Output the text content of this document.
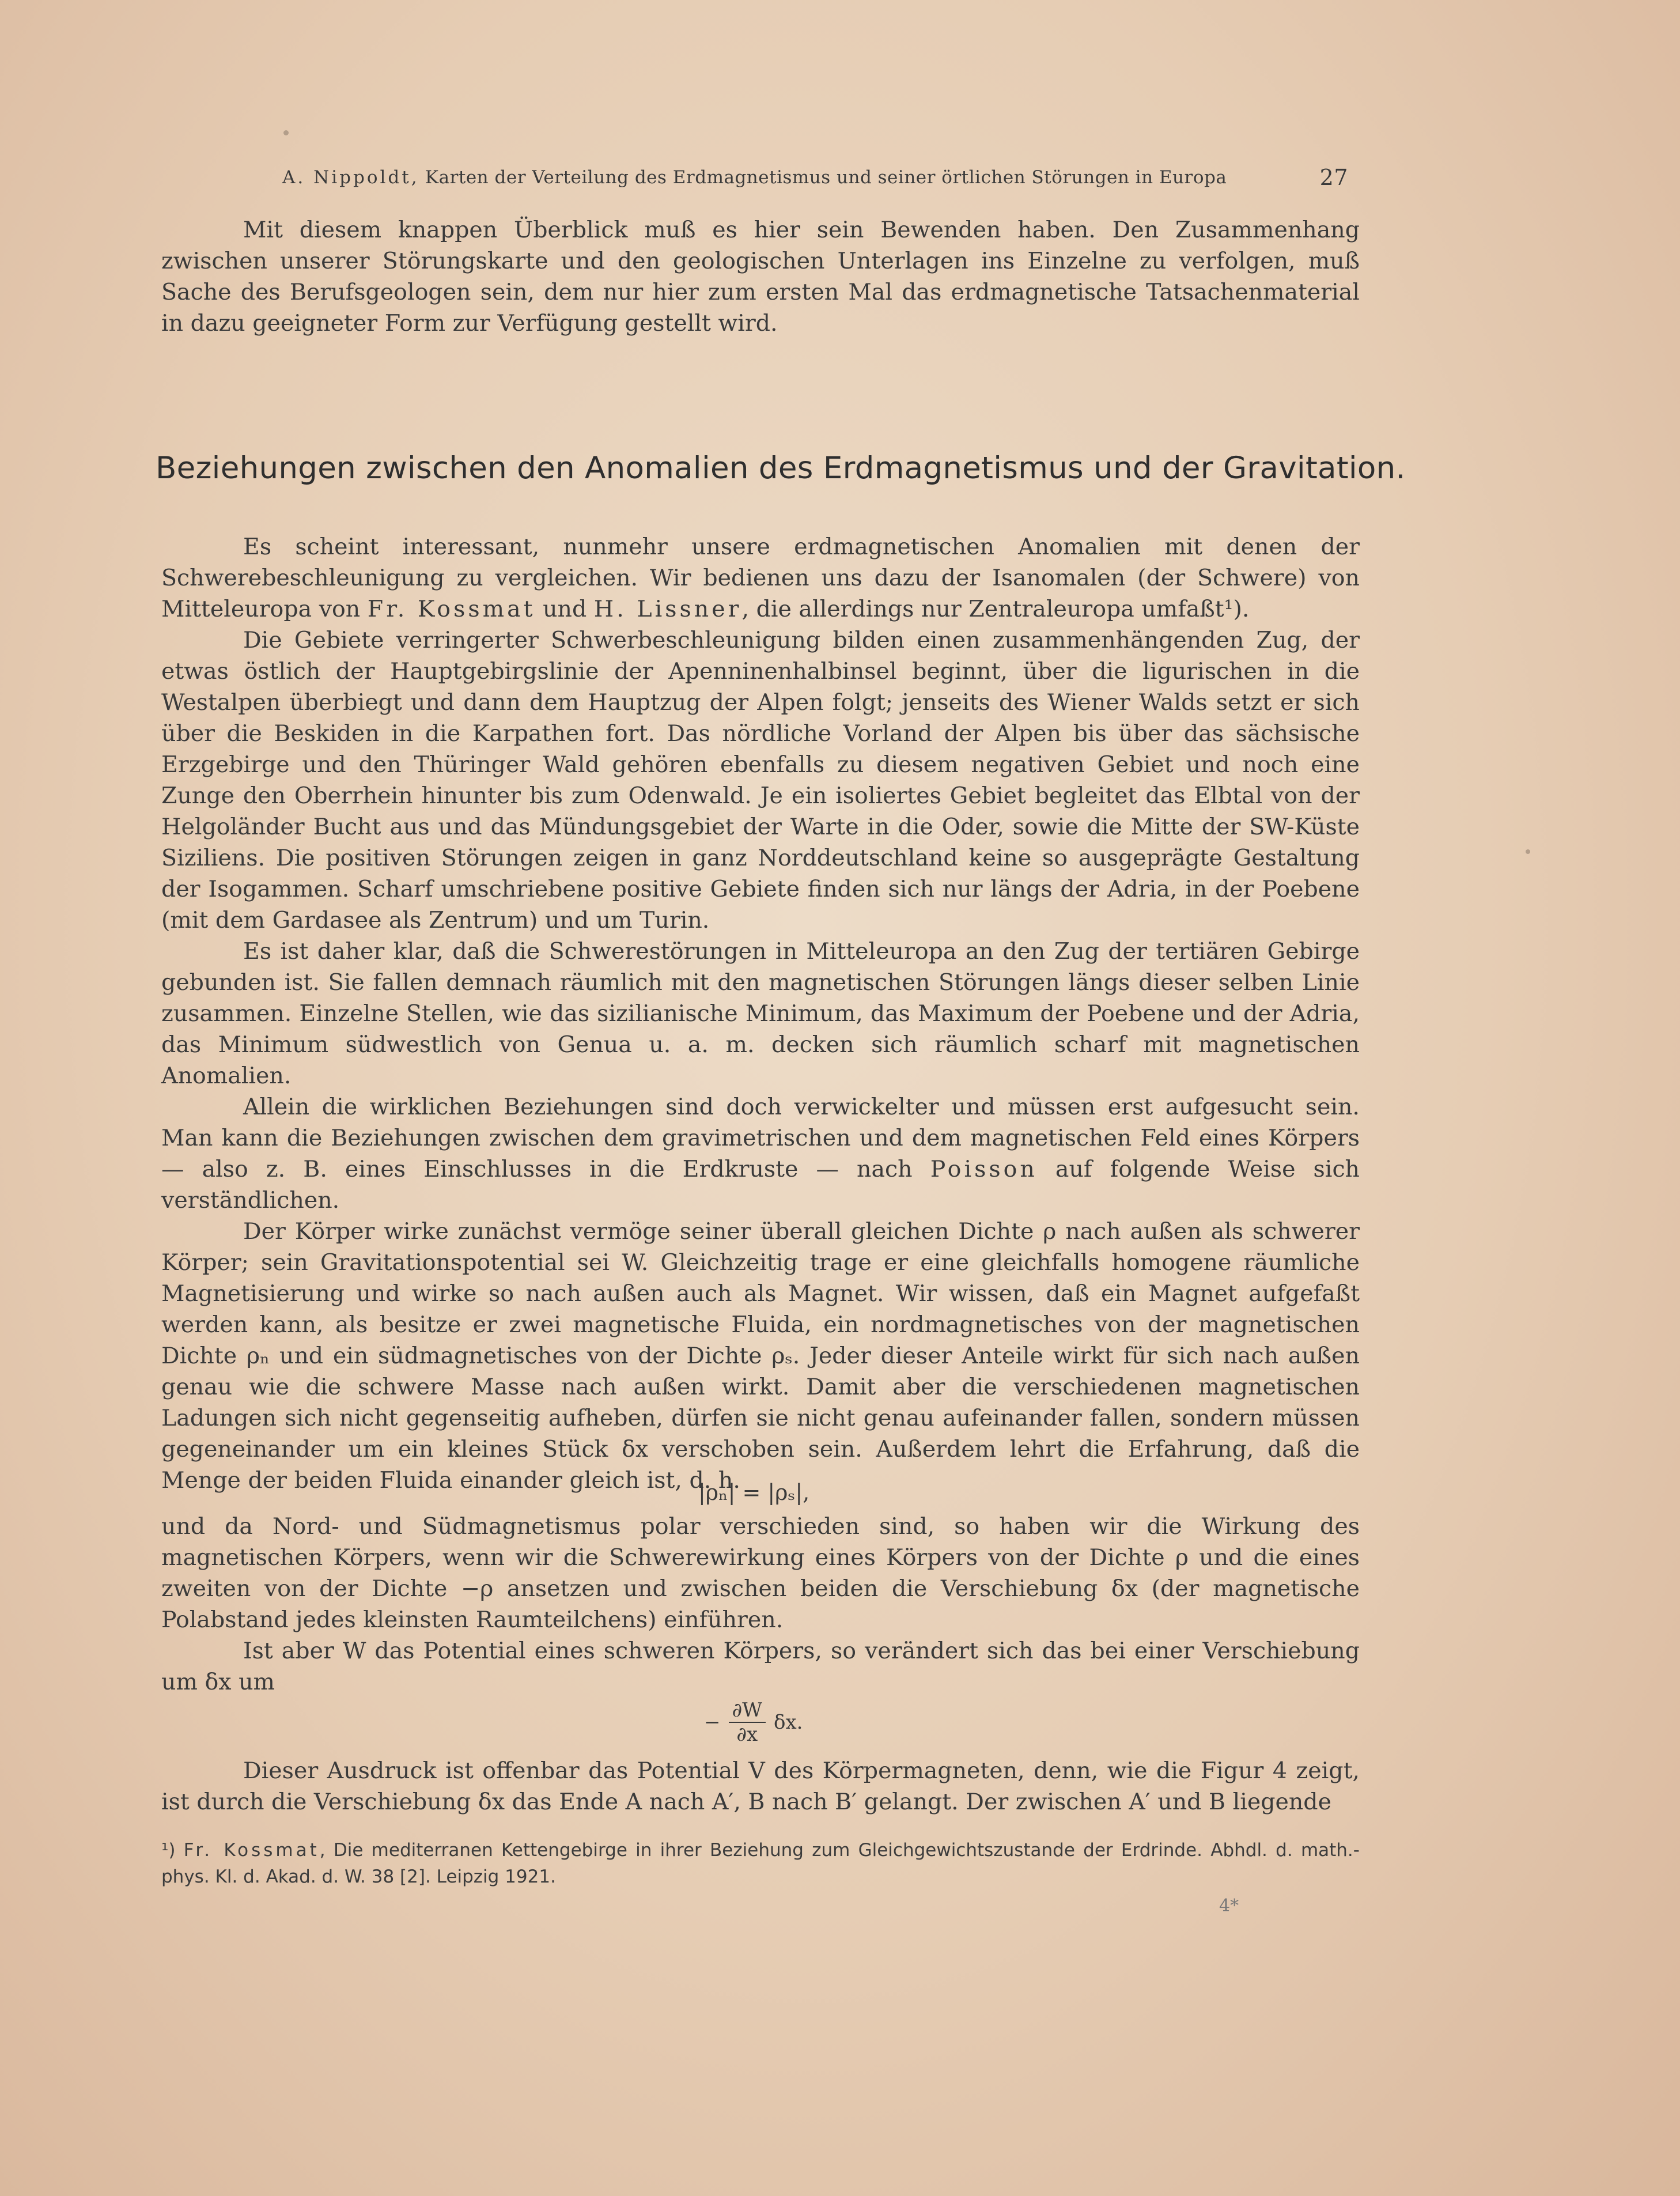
A. Nippoldt, Karten der Verteilung des Erdmagnetismus und seiner örtlichen Störungen in Europa	27

Mit diesem knappen Überblick muß es hier sein Bewenden haben. Den Zusammenhang zwischen unserer Störungskarte und den geologischen Unterlagen ins Einzelne zu verfolgen, muß Sache des Berufsgeologen sein, dem nur hier zum ersten Mal das erdmagnetische Tatsachenmaterial in dazu geeigneter Form zur Verfügung gestellt wird.

Beziehungen zwischen den Anomalien des Erdmagnetismus und der Gravitation.

Es scheint interessant, nunmehr unsere erdmagnetischen Anomalien mit denen der Schwerebeschleunigung zu vergleichen. Wir bedienen uns dazu der Isanomalen (der Schwere) von Mitteleuropa von Fr. Kossmat und H. Lissner, die allerdings nur Zentraleuropa umfaßt¹).

Die Gebiete verringerter Schwerbeschleunigung bilden einen zusammenhängenden Zug, der etwas östlich der Hauptgebirgslinie der Apenninenhalbinsel beginnt, über die ligurischen in die Westalpen überbiegt und dann dem Hauptzug der Alpen folgt; jenseits des Wiener Walds setzt er sich über die Beskiden in die Karpathen fort. Das nördliche Vorland der Alpen bis über das sächsische Erzgebirge und den Thüringer Wald gehören ebenfalls zu diesem negativen Gebiet und noch eine Zunge den Oberrhein hinunter bis zum Odenwald. Je ein isoliertes Gebiet begleitet das Elbtal von der Helgoländer Bucht aus und das Mündungsgebiet der Warte in die Oder, sowie die Mitte der SW-Küste Siziliens. Die positiven Störungen zeigen in ganz Norddeutschland keine so ausgeprägte Gestaltung der Isogammen. Scharf umschriebene positive Gebiete finden sich nur längs der Adria, in der Poebene (mit dem Gardasee als Zentrum) und um Turin.

Es ist daher klar, daß die Schwerestörungen in Mitteleuropa an den Zug der tertiären Gebirge gebunden ist. Sie fallen demnach räumlich mit den magnetischen Störungen längs dieser selben Linie zusammen. Einzelne Stellen, wie das sizilianische Minimum, das Maximum der Poebene und der Adria, das Minimum südwestlich von Genua u. a. m. decken sich räumlich scharf mit magnetischen Anomalien.

Allein die wirklichen Beziehungen sind doch verwickelter und müssen erst aufgesucht sein. Man kann die Beziehungen zwischen dem gravimetrischen und dem magnetischen Feld eines Körpers — also z. B. eines Einschlusses in die Erdkruste — nach Poisson auf folgende Weise sich verständlichen.

Der Körper wirke zunächst vermöge seiner überall gleichen Dichte ρ nach außen als schwerer Körper; sein Gravitationspotential sei W. Gleichzeitig trage er eine gleichfalls homogene räumliche Magnetisierung und wirke so nach außen auch als Magnet. Wir wissen, daß ein Magnet aufgefaßt werden kann, als besitze er zwei magnetische Fluida, ein nordmagnetisches von der magnetischen Dichte ρₙ und ein südmagnetisches von der Dichte ρₛ. Jeder dieser Anteile wirkt für sich nach außen genau wie die schwere Masse nach außen wirkt. Damit aber die verschiedenen magnetischen Ladungen sich nicht gegenseitig aufheben, dürfen sie nicht genau aufeinander fallen, sondern müssen gegeneinander um ein kleines Stück δx verschoben sein. Außerdem lehrt die Erfahrung, daß die Menge der beiden Fluida einander gleich ist, d. h.

|ρₙ| = |ρₛ|,

und da Nord- und Südmagnetismus polar verschieden sind, so haben wir die Wirkung des magnetischen Körpers, wenn wir die Schwerewirkung eines Körpers von der Dichte ρ und die eines zweiten von der Dichte −ρ ansetzen und zwischen beiden die Verschiebung δx (der magnetische Polabstand jedes kleinsten Raumteilchens) einführen.

Ist aber W das Potential eines schweren Körpers, so verändert sich das bei einer Verschiebung um δx um

− $\frac{\partial W}{\partial x} \delta x$.

Dieser Ausdruck ist offenbar das Potential V des Körpermagneten, denn, wie die Figur 4 zeigt, ist durch die Verschiebung δx das Ende A nach A′, B nach B′ gelangt. Der zwischen A′ und B liegende

¹) Fr. Kossmat, Die mediterranen Kettengebirge in ihrer Beziehung zum Gleichgewichtszustande der Erdrinde. Abhdl. d. math.-phys. Kl. d. Akad. d. W. 38 [2]. Leipzig 1921.
4*
